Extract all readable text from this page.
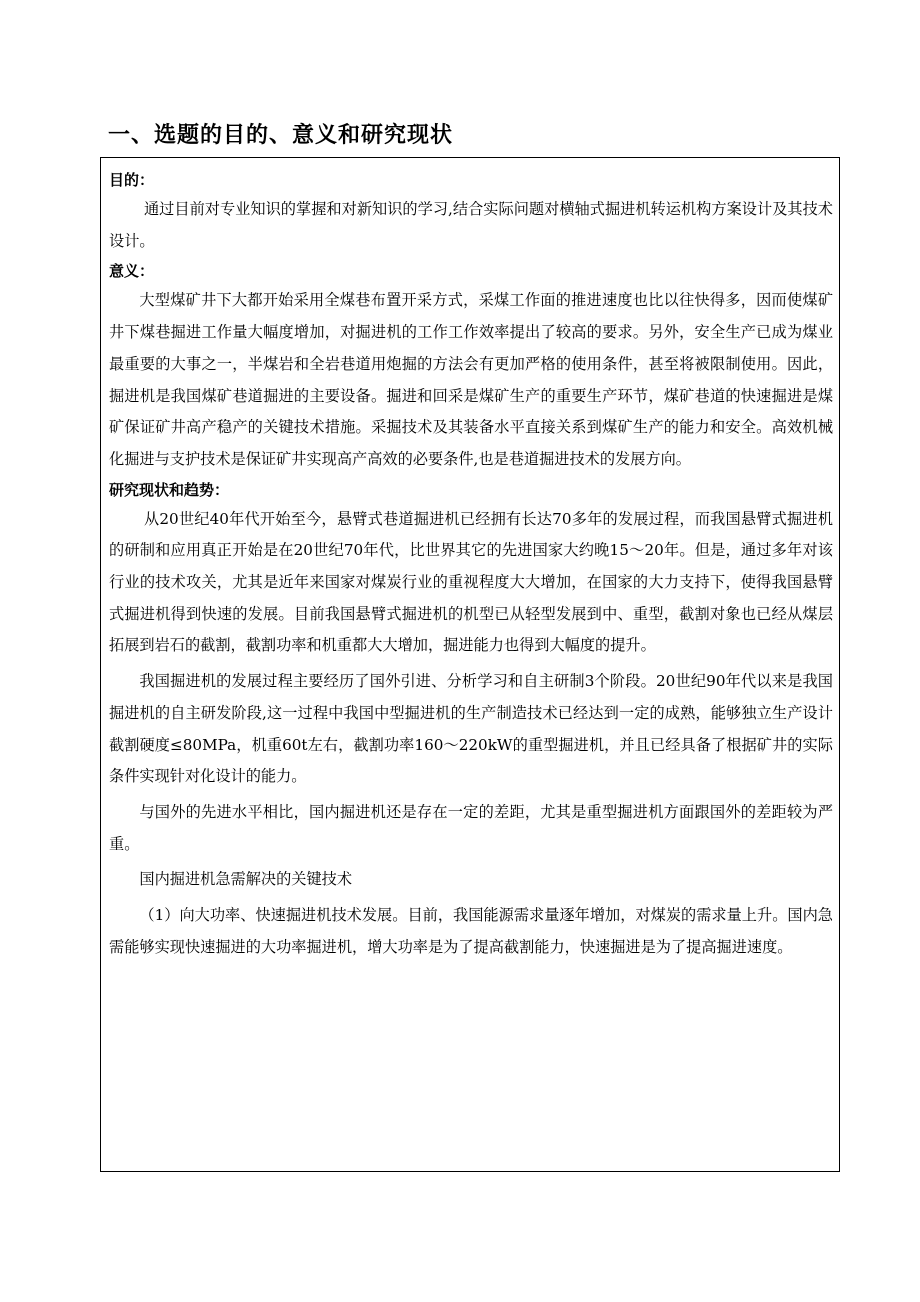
一、选题的目的、意义和研究现状

目的：

通过目前对专业知识的掌握和对新知识的学习,结合实际问题对横轴式掘进机转运机构方案设计及其技术设计。

意义：

大型煤矿井下大都开始采用全煤巷布置开采方式，采煤工作面的推进速度也比以往快得多，因而使煤矿井下煤巷掘进工作量大幅度增加，对掘进机的工作工作效率提出了较高的要求。另外，安全生产已成为煤业最重要的大事之一，半煤岩和全岩巷道用炮掘的方法会有更加严格的使用条件，甚至将被限制使用。因此，掘进机是我国煤矿巷道掘进的主要设备。掘进和回采是煤矿生产的重要生产环节，煤矿巷道的快速掘进是煤矿保证矿井高产稳产的关键技术措施。采掘技术及其装备水平直接关系到煤矿生产的能力和安全。高效机械化掘进与支护技术是保证矿井实现高产高效的必要条件,也是巷道掘进技术的发展方向。

研究现状和趋势：

从20世纪40年代开始至今，悬臂式巷道掘进机已经拥有长达70多年的发展过程，而我国悬臂式掘进机的研制和应用真正开始是在20世纪70年代，比世界其它的先进国家大约晚15～20年。但是，通过多年对该行业的技术攻关，尤其是近年来国家对煤炭行业的重视程度大大增加，在国家的大力支持下，使得我国悬臂式掘进机得到快速的发展。目前我国悬臂式掘进机的机型已从轻型发展到中、重型，截割对象也已经从煤层拓展到岩石的截割，截割功率和机重都大大增加，掘进能力也得到大幅度的提升。

我国掘进机的发展过程主要经历了国外引进、分析学习和自主研制3个阶段。20世纪90年代以来是我国掘进机的自主研发阶段,这一过程中我国中型掘进机的生产制造技术已经达到一定的成熟，能够独立生产设计截割硬度≤80MPa，机重60t左右，截割功率160～220kW的重型掘进机，并且已经具备了根据矿井的实际条件实现针对化设计的能力。

与国外的先进水平相比，国内掘进机还是存在一定的差距，尤其是重型掘进机方面跟国外的差距较为严重。

国内掘进机急需解决的关键技术

（1）向大功率、快速掘进机技术发展。目前，我国能源需求量逐年增加，对煤炭的需求量上升。国内急需能够实现快速掘进的大功率掘进机，增大功率是为了提高截割能力，快速掘进是为了提高掘进速度。
